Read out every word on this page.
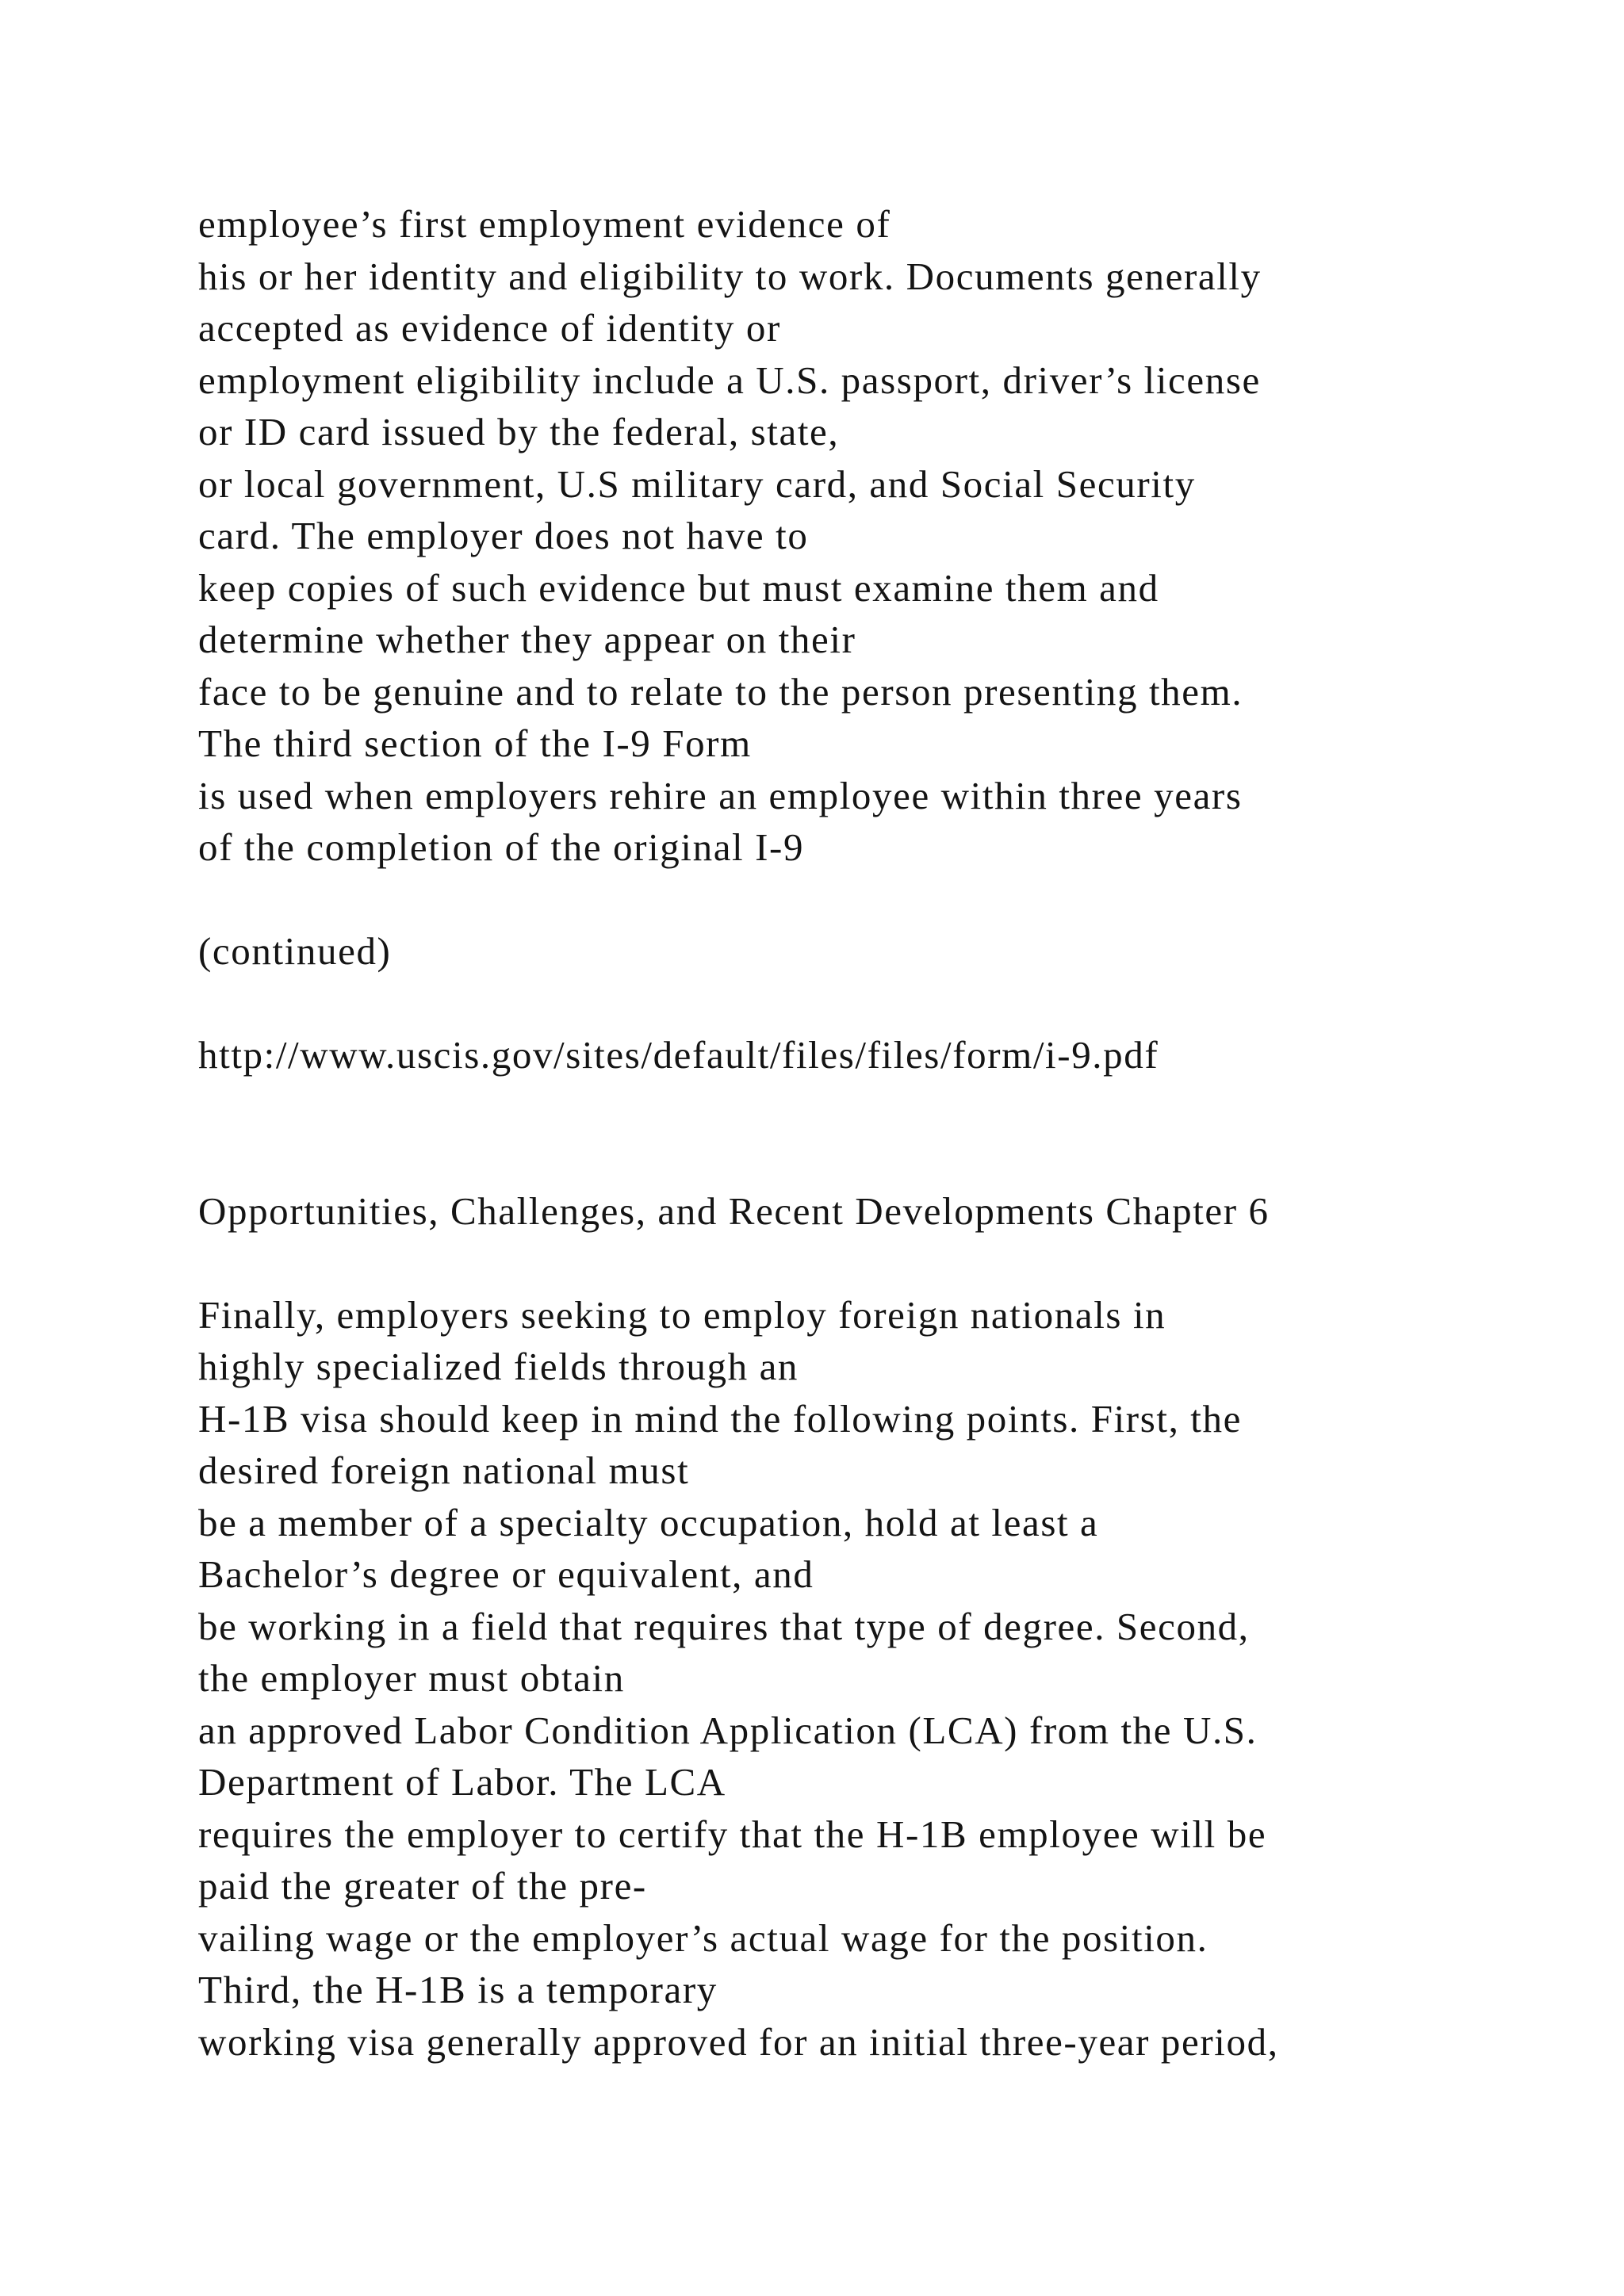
employee’s first employment evidence of
his or her identity and eligibility to work. Documents generally
accepted as evidence of identity or
employment eligibility include a U.S. passport, driver’s license
or ID card issued by the federal, state,
or local government, U.S military card, and Social Security
card. The employer does not have to
keep copies of such evidence but must examine them and
determine whether they appear on their
face to be genuine and to relate to the person presenting them.
The third section of the I-9 Form
is used when employers rehire an employee within three years
of the completion of the original I-9
(continued)
http://www.uscis.gov/sites/default/files/files/form/i-9.pdf
Opportunities, Challenges, and Recent Developments Chapter 6
Finally, employers seeking to employ foreign nationals in
highly specialized fields through an
H-1B visa should keep in mind the following points. First, the
desired foreign national must
be a member of a specialty occupation, hold at least a
Bachelor’s degree or equivalent, and
be working in a field that requires that type of degree. Second,
the employer must obtain
an approved Labor Condition Application (LCA) from the U.S.
Department of Labor. The LCA
requires the employer to certify that the H-1B employee will be
paid the greater of the pre-
vailing wage or the employer’s actual wage for the position.
Third, the H-1B is a temporary
working visa generally approved for an initial three-year period,
